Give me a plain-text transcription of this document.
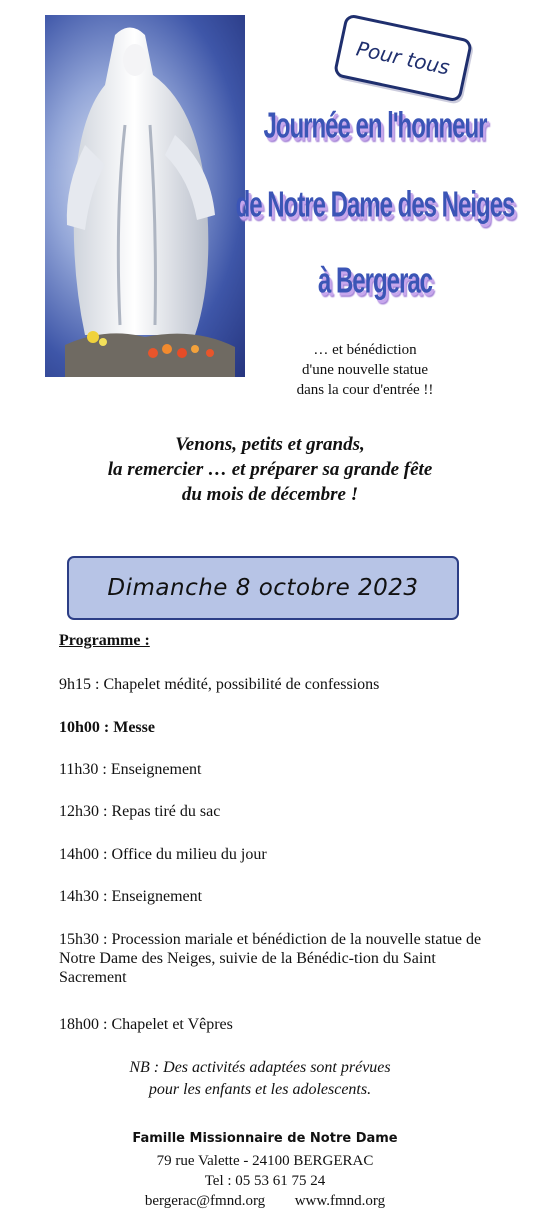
Pour tous
Journée en l'honneur
de Notre Dame des Neiges
à Bergerac
… et bénédiction
d'une nouvelle statue
dans la cour d'entrée !!
Venons, petits et grands,
la remercier … et préparer sa grande fête
du mois de décembre !
Dimanche 8 octobre 2023
Programme :
9h15 : Chapelet médité, possibilité de confessions
10h00 : Messe
11h30 : Enseignement
12h30 : Repas tiré du sac
14h00 : Office du milieu du jour
14h30 : Enseignement
15h30 : Procession mariale et bénédiction de la nouvelle statue de Notre Dame des Neiges, suivie de la Bénédic-tion du Saint Sacrement
18h00 : Chapelet et Vêpres
NB : Des activités adaptées sont prévues
pour les enfants et les adolescents.
Famille Missionnaire de Notre Dame
79 rue Valette - 24100 BERGERAC
Tel : 05 53 61 75 24
bergerac@fmnd.org www.fmnd.org
